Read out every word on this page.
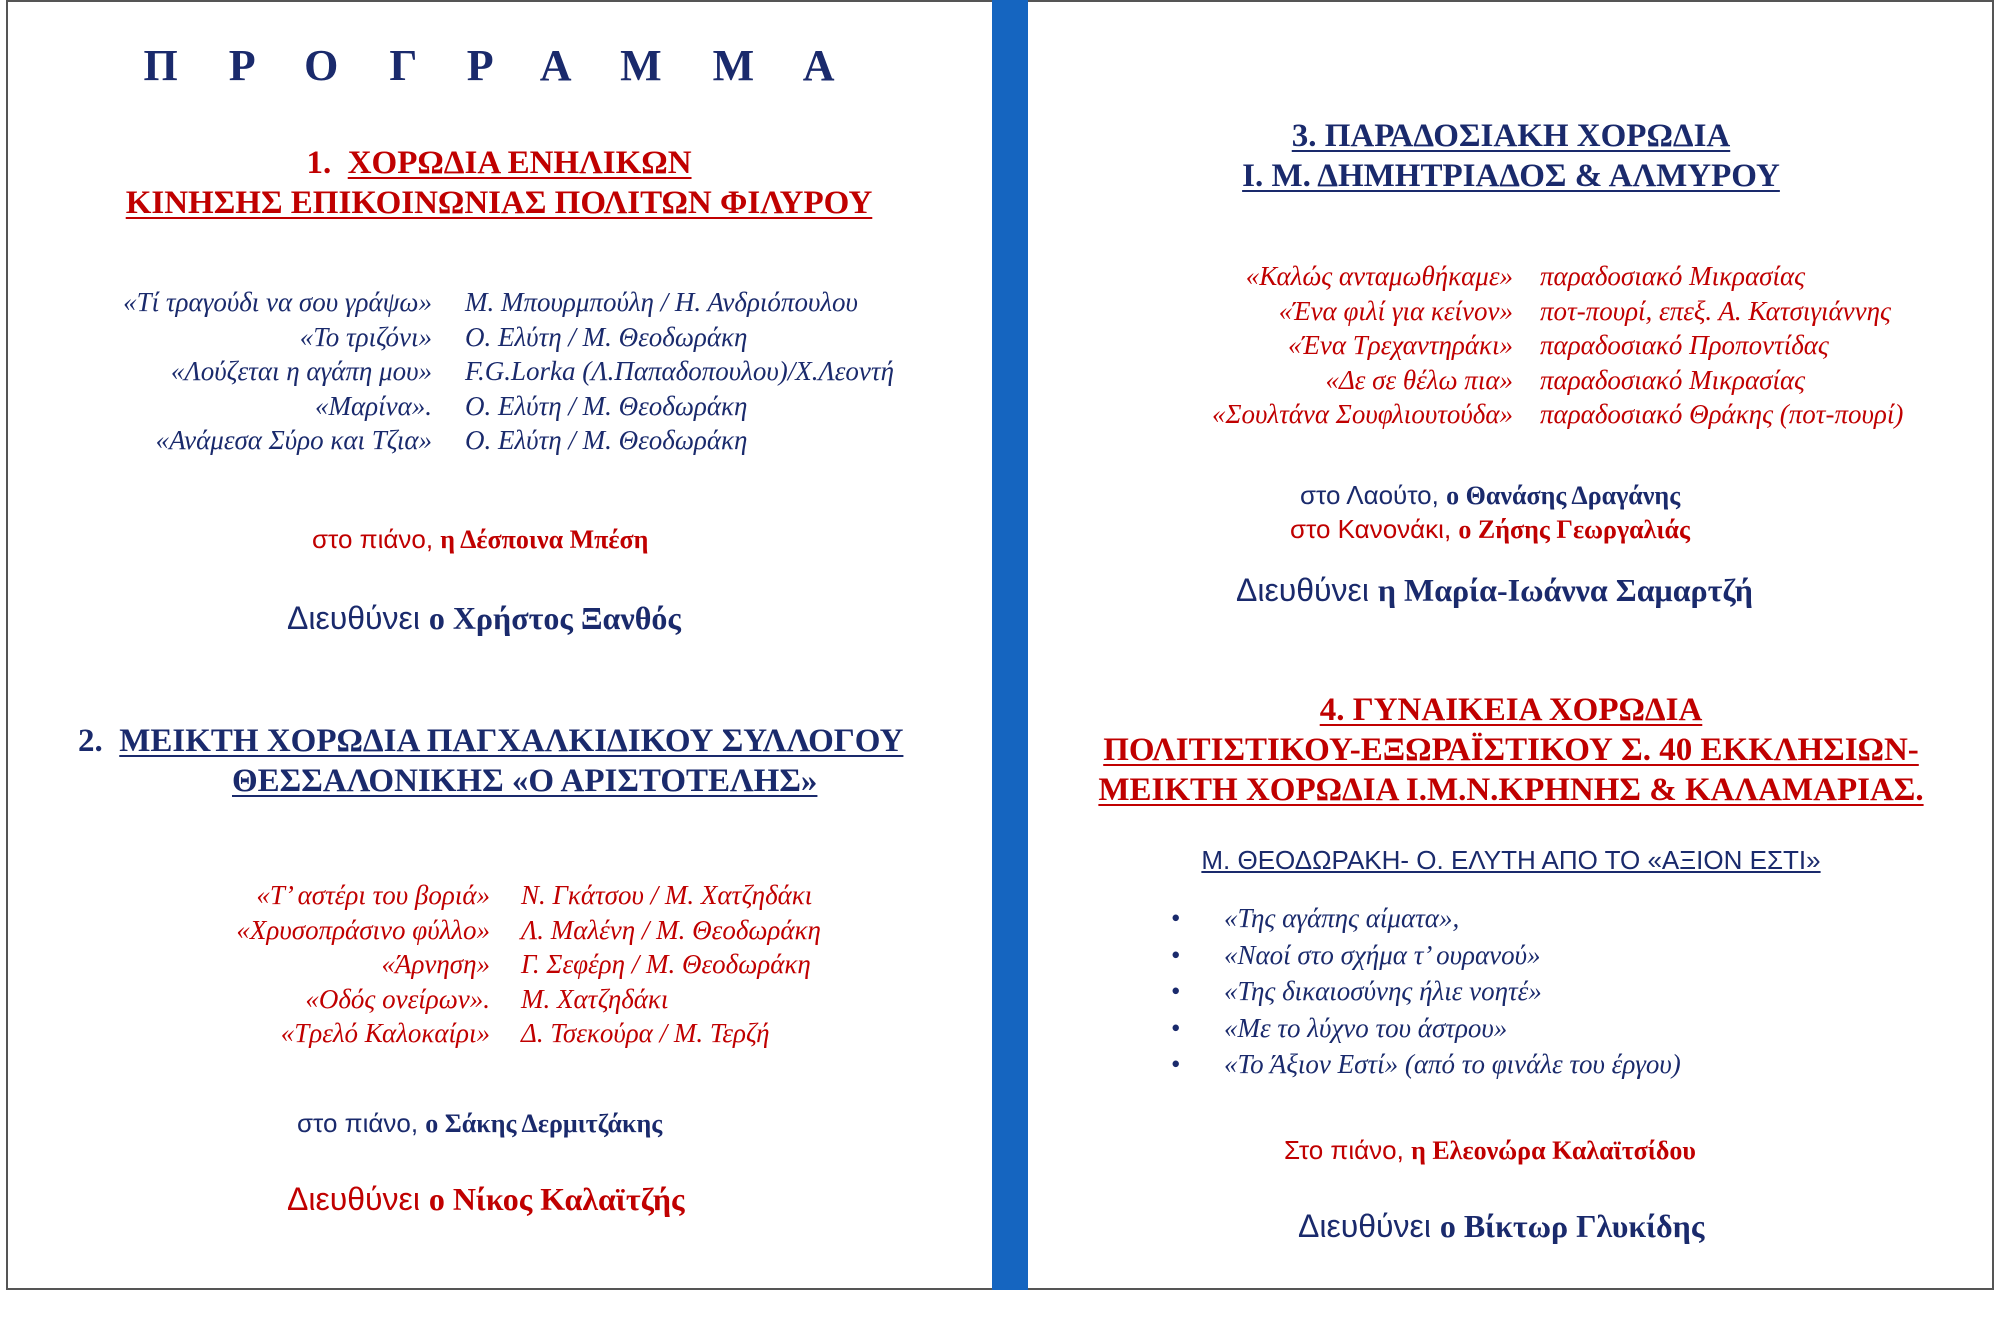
Π Ρ Ο Γ Ρ Α Μ Μ Α
1. ΧΟΡΩΔΙΑ ΕΝΗΛΙΚΩΝ
ΚΙΝΗΣΗΣ ΕΠΙΚΟΙΝΩΝΙΑΣ ΠΟΛΙΤΩΝ ΦΙΛΥΡΟΥ
«Τί τραγούδι να σου γράψω»
«Το τριζόνι»
«Λούζεται η αγάπη μου»
«Μαρίνα».
«Ανάμεσα Σύρο και Τζια»
Μ. Μπουρμπούλη / Η. Ανδριόπουλου
Ο. Ελύτη / Μ. Θεοδωράκη
F.G.Lorka (Λ.Παπαδοπουλου)/Χ.Λεοντή
Ο. Ελύτη / Μ. Θεοδωράκη
Ο. Ελύτη / Μ. Θεοδωράκη
στο πιάνο, η Δέσποινα Μπέση
Διευθύνει ο Χρήστος Ξανθός
2. ΜΕΙΚΤΗ ΧΟΡΩΔΙΑ ΠΑΓΧΑΛΚΙΔΙΚΟΥ ΣΥΛΛΟΓΟΥ
ΘΕΣΣΑΛΟΝΙΚΗΣ «Ο ΑΡΙΣΤΟΤΕΛΗΣ»
«Τ’ αστέρι του βοριά»
«Χρυσοπράσινο φύλλο»
«Άρνηση»
«Οδός ονείρων».
«Τρελό Καλοκαίρι»
Ν. Γκάτσου / Μ. Χατζηδάκι
Λ. Μαλένη / Μ. Θεοδωράκη
Γ. Σεφέρη / Μ. Θεοδωράκη
Μ. Χατζηδάκι
Δ. Τσεκούρα / Μ. Τερζή
στο πιάνο, ο Σάκης Δερμιτζάκης
Διευθύνει ο Νίκος Καλαϊτζής
3. ΠΑΡΑΔΟΣΙΑΚΗ ΧΟΡΩΔΙΑ
Ι. Μ. ΔΗΜΗΤΡΙΑΔΟΣ & ΑΛΜΥΡΟΥ
«Καλώς ανταμωθήκαμε»
«Ένα φιλί για κείνον»
«Ένα Τρεχαντηράκι»
«Δε σε θέλω πια»
«Σουλτάνα Σουφλιουτούδα»
παραδοσιακό Μικρασίας
ποτ-πουρί, επεξ. Α. Κατσιγιάννης
παραδοσιακό Προποντίδας
παραδοσιακό Μικρασίας
παραδοσιακό Θράκης (ποτ-πουρί)
στο Λαούτο, ο Θανάσης Δραγάνης
στο Κανονάκι, ο Ζήσης Γεωργαλιάς
Διευθύνει η Μαρία-Ιωάννα Σαμαρτζή
4. ΓΥΝΑΙΚΕΙΑ ΧΟΡΩΔΙΑ
ΠΟΛΙΤΙΣΤΙΚΟΥ-ΕΞΩΡΑΪΣΤΙΚΟΥ Σ. 40 ΕΚΚΛΗΣΙΩΝ-
ΜΕΙΚΤΗ ΧΟΡΩΔΙΑ Ι.Μ.Ν.ΚΡΗΝΗΣ & ΚΑΛΑΜΑΡΙΑΣ.
Μ. ΘΕΟΔΩΡΑΚΗ- Ο. ΕΛΥΤΗ ΑΠΟ ΤΟ «ΑΞΙΟΝ ΕΣΤΙ»
• «Της αγάπης αίματα»,
• «Ναοί στο σχήμα τ’ ουρανού»
• «Της δικαιοσύνης ήλιε νοητέ»
• «Με το λύχνο του άστρου»
• «Το Άξιον Εστί» (από το φινάλε του έργου)
Στο πιάνο, η Ελεονώρα Καλαϊτσίδου
Διευθύνει ο Βίκτωρ Γλυκίδης
